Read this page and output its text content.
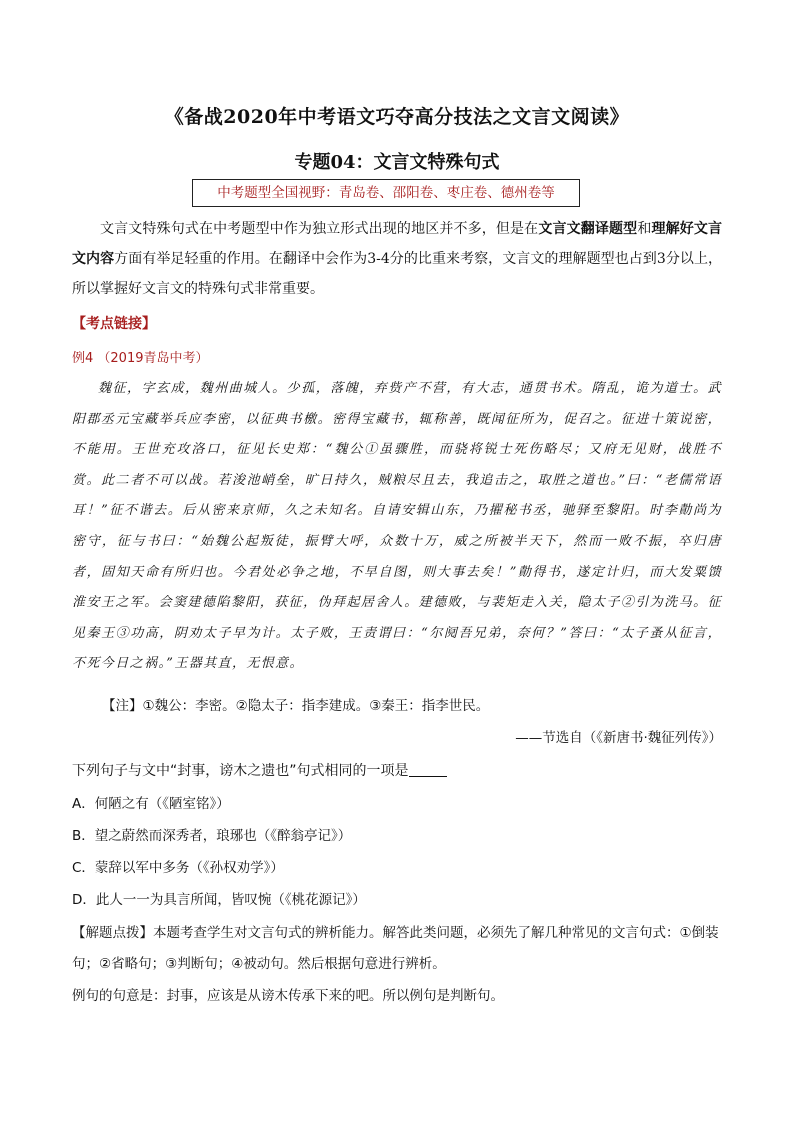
《备战2020年中考语文巧夺高分技法之文言文阅读》
专题04：文言文特殊句式
中考题型全国视野：青岛卷、邵阳卷、枣庄卷、德州卷等
文言文特殊句式在中考题型中作为独立形式出现的地区并不多，但是在文言文翻译题型和理解好文言文内容方面有举足轻重的作用。在翻译中会作为3-4分的比重来考察，文言文的理解题型也占到3分以上，所以掌握好文言文的特殊句式非常重要。
【考点链接】
例4 （2019青岛中考）
魏征，字玄成，魏州曲城人。少孤，落魄，弃赀产不营，有大志，通贯书术。隋乱，诡为道士。武阳郡丞元宝藏举兵应李密，以征典书檄。密得宝藏书，辄称善，既闻征所为，促召之。征进十策说密，不能用。王世充攻洛口，征见长史郑：“魏公①虽骤胜，而骁将锐士死伤略尽；又府无见财，战胜不赏。此二者不可以战。若浚池峭垒，旷日持久，贼粮尽且去，我追击之，取胜之道也。”曰：“老儒常语耳！”征不谐去。后从密来京师，久之未知名。自请安辑山东，乃擢秘书丞，驰驿至黎阳。时李勣尚为密守，征与书曰：“始魏公起叛徒，振臂大呼，众数十万，威之所被半天下，然而一败不振，卒归唐者，固知天命有所归也。今君处必争之地，不早自图，则大事去矣！”勣得书，遂定计归，而大发粟馈淮安王之军。会窦建德陷黎阳，获征，伪拜起居舍人。建德败，与裴矩走入关，隐太子②引为洗马。征见秦王③功高，阴劝太子早为计。太子败，王责谓曰：“尔阋吾兄弟，奈何？”答曰：“太子蚤从征言，不死今日之祸。”王器其直，无恨意。
【注】①魏公：李密。②隐太子：指李建成。③秦王：指李世民。
——节选自（《新唐书·魏征列传》）
下列句子与文中“封事，谤木之遗也”句式相同的一项是
A．何陋之有（《陋室铭》）
B．望之蔚然而深秀者，琅琊也（《醉翁亭记》）
C．蒙辞以军中多务（《孙权劝学》）
D．此人一一为具言所闻，皆叹惋（《桃花源记》）
【解题点拨】本题考查学生对文言句式的辨析能力。解答此类问题，必须先了解几种常见的文言句式：①倒装句；②省略句；③判断句；④被动句。然后根据句意进行辨析。
例句的句意是：封事，应该是从谤木传承下来的吧。所以例句是判断句。
